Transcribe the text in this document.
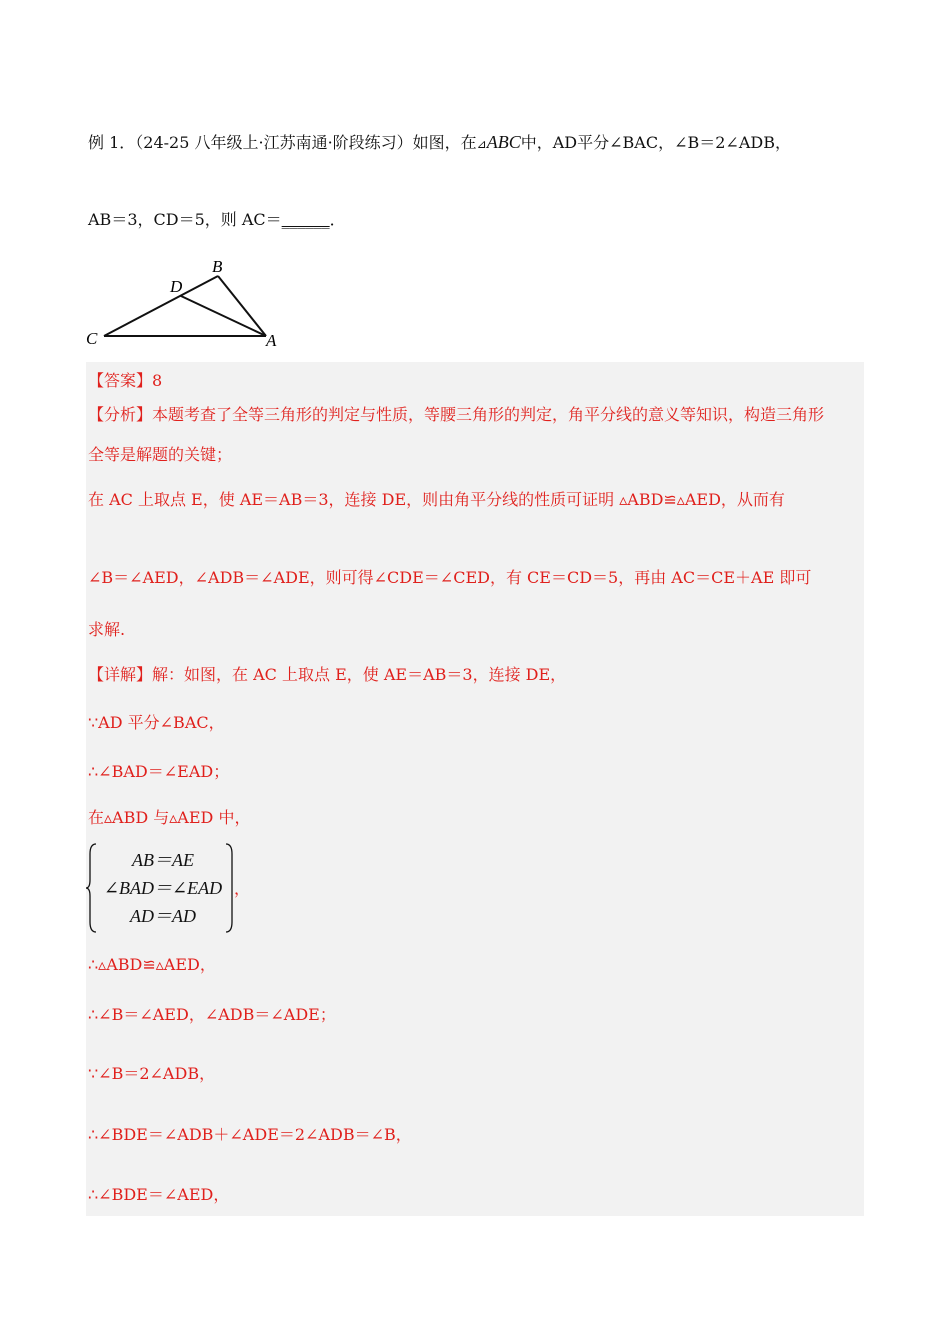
例 1．（24-25 八年级上·江苏南通·阶段练习）如图，在⊿ABC中，AD平分∠BAC，∠B＝2∠ADB，
AB＝3，CD＝5，则 AC＝______．
B
D
C	A
【答案】8
【分析】本题考查了全等三角形的判定与性质，等腰三角形的判定，角平分线的意义等知识，构造三角形
全等是解题的关键；
在 AC 上取点 E，使 AE＝AB＝3，连接 DE，则由角平分线的性质可证明 ▵ABD≌▵AED，从而有
∠B＝∠AED，∠ADB＝∠ADE，则可得∠CDE＝∠CED，有 CE＝CD＝5，再由 AC＝CE＋AE 即可
求解.
【详解】解：如图，在 AC 上取点 E，使 AE＝AB＝3，连接 DE，
∵AD 平分∠BAC，
∴∠BAD＝∠EAD；
在▵ABD 与▵AED 中，
AB＝AE
∠BAD＝∠EAD
AD＝AD
，
∴▵ABD≌▵AED，
∴∠B＝∠AED，∠ADB＝∠ADE；
∵∠B＝2∠ADB，
∴∠BDE＝∠ADB＋∠ADE＝2∠ADB＝∠B，
∴∠BDE＝∠AED，
